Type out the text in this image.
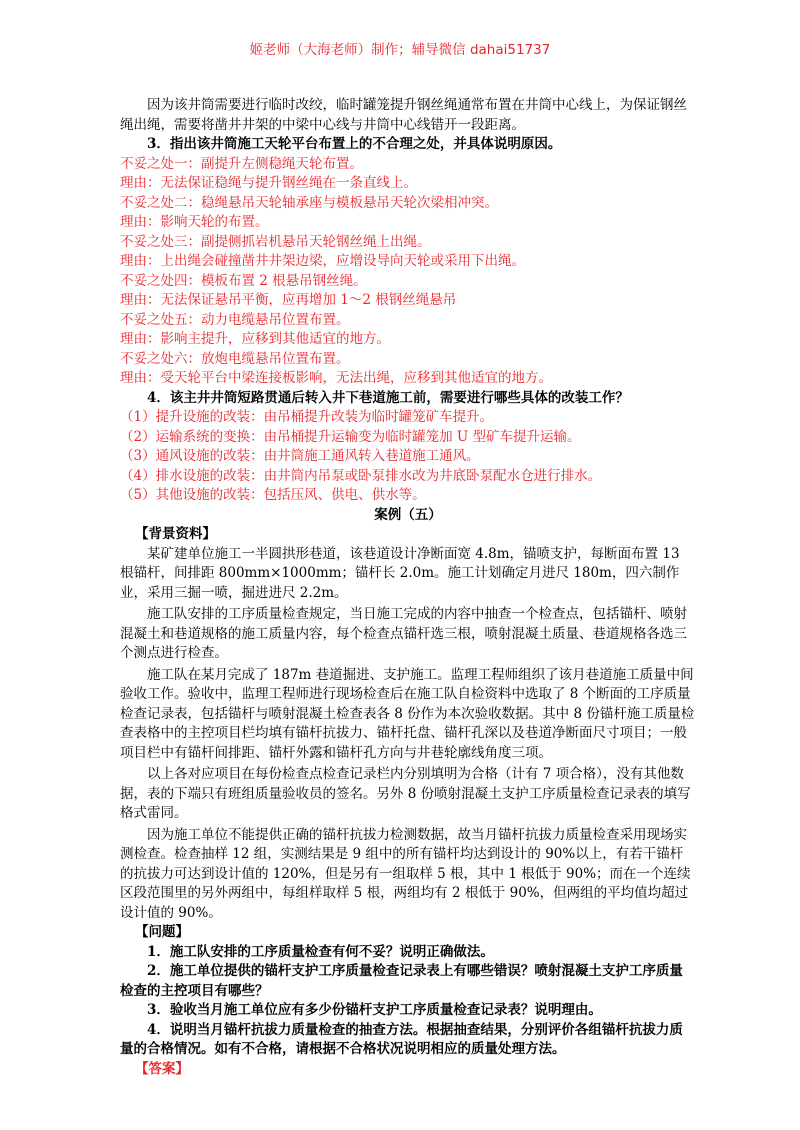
姬老师（大海老师）制作；辅导微信 dahai51737

因为该井筒需要进行临时改绞，临时罐笼提升钢丝绳通常布置在井筒中心线上，为保证钢丝绳出绳，需要将凿井井架的中梁中心线与井筒中心线错开一段距离。

3．指出该井筒施工天轮平台布置上的不合理之处，并具体说明原因。

不妥之处一：副提升左侧稳绳天轮布置。

理由：无法保证稳绳与提升钢丝绳在一条直线上。

不妥之处二：稳绳悬吊天轮轴承座与模板悬吊天轮次梁相冲突。

理由：影响天轮的布置。

不妥之处三：副提侧抓岩机悬吊天轮钢丝绳上出绳。

理由：上出绳会碰撞凿井井架边梁，应增设导向天轮或采用下出绳。

不妥之处四：模板布置 2 根悬吊钢丝绳。

理由：无法保证悬吊平衡，应再增加 1～2 根钢丝绳悬吊

不妥之处五：动力电缆悬吊位置布置。

理由：影响主提升，应移到其他适宜的地方。

不妥之处六：放炮电缆悬吊位置布置。

理由：受天轮平台中梁连接板影响，无法出绳，应移到其他适宜的地方。

4．该主井井筒短路贯通后转入井下巷道施工前，需要进行哪些具体的改装工作？

（1）提升设施的改装：由吊桶提升改装为临时罐笼矿车提升。

（2）运输系统的变换：由吊桶提升运输变为临时罐笼加 U 型矿车提升运输。

（3）通风设施的改装：由井筒施工通风转入巷道施工通风。

（4）排水设施的改装：由井筒内吊泵或卧泵排水改为井底卧泵配水仓进行排水。

（5）其他设施的改装：包括压风、供电、供水等。

案例（五）

【背景资料】

某矿建单位施工一半圆拱形巷道，该巷道设计净断面宽 4.8m，锚喷支护，每断面布置 13 根锚杆，间排距 800mm×1000mm；锚杆长 2.0m。施工计划确定月进尺 180m，四六制作业，采用三掘一喷，掘进进尺 2.2m。

施工队安排的工序质量检查规定，当日施工完成的内容中抽查一个检查点，包括锚杆、喷射混凝土和巷道规格的施工质量内容，每个检查点锚杆选三根，喷射混凝土质量、巷道规格各选三个测点进行检查。

施工队在某月完成了 187m 巷道掘进、支护施工。监理工程师组织了该月巷道施工质量中间验收工作。验收中，监理工程师进行现场检查后在施工队自检资料中选取了 8 个断面的工序质量检查记录表，包括锚杆与喷射混凝土检查表各 8 份作为本次验收数据。其中 8 份锚杆施工质量检查表格中的主控项目栏均填有锚杆抗拔力、锚杆托盘、锚杆孔深以及巷道净断面尺寸项目；一般项目栏中有锚杆间排距、锚杆外露和锚杆孔方向与井巷轮廓线角度三项。

以上各对应项目在每份检查点检查记录栏内分别填明为合格（计有 7 项合格），没有其他数据，表的下端只有班组质量验收员的签名。另外 8 份喷射混凝土支护工序质量检查记录表的填写格式雷同。

因为施工单位不能提供正确的锚杆抗拔力检测数据，故当月锚杆抗拔力质量检查采用现场实测检查。检查抽样 12 组，实测结果是 9 组中的所有锚杆均达到设计的 90%以上，有若干锚杆的抗拔力可达到设计值的 120%，但是另有一组取样 5 根，其中 1 根低于 90%；而在一个连续区段范围里的另外两组中，每组样取样 5 根，两组均有 2 根低于 90%，但两组的平均值均超过设计值的 90%。

【问题】

1．施工队安排的工序质量检查有何不妥？说明正确做法。

2．施工单位提供的锚杆支护工序质量检查记录表上有哪些错误？喷射混凝土支护工序质量检查的主控项目有哪些？

3．验收当月施工单位应有多少份锚杆支护工序质量检查记录表？说明理由。

4．说明当月锚杆抗拔力质量检查的抽查方法。根据抽查结果，分别评价各组锚杆抗拔力质量的合格情况。如有不合格，请根据不合格状况说明相应的质量处理方法。

【答案】
